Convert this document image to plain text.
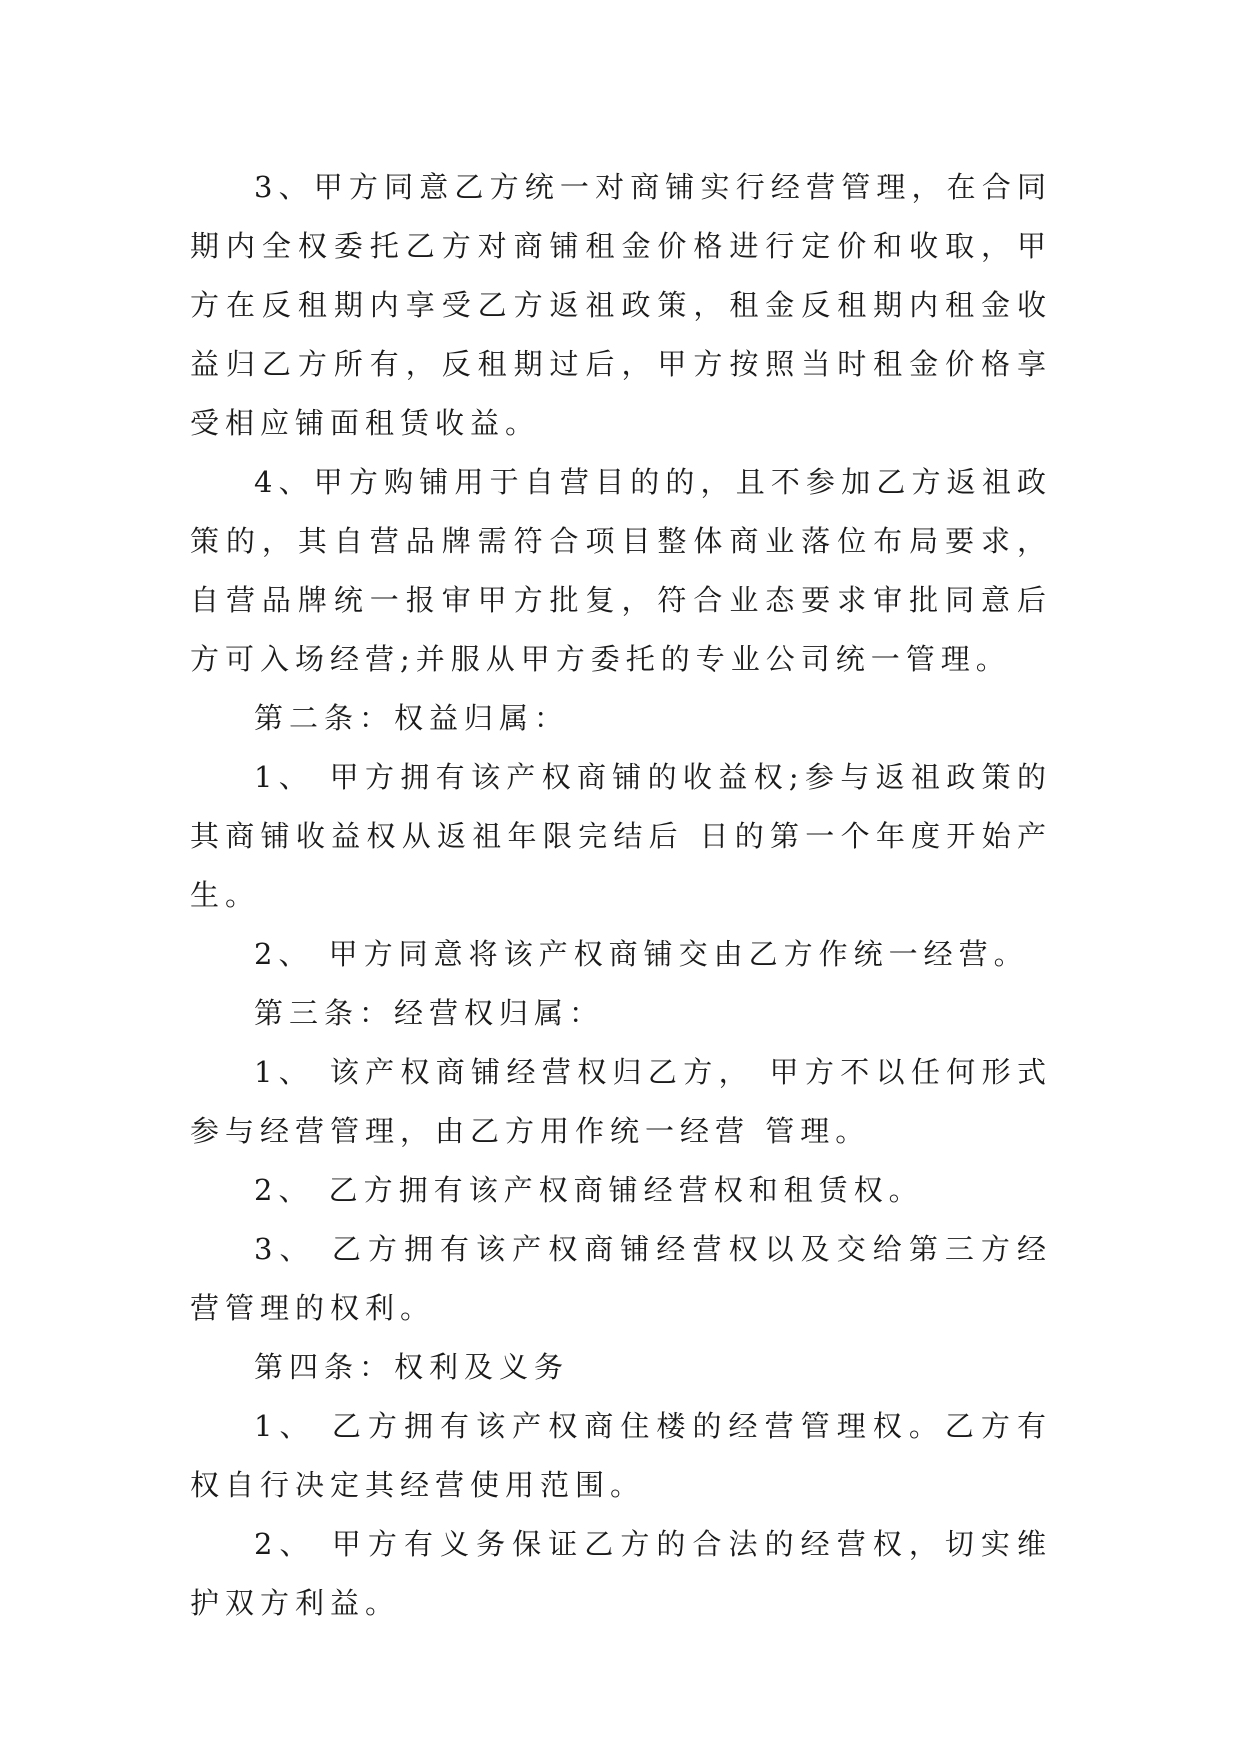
3、甲方同意乙方统一对商铺实行经营管理，在合同期内全权委托乙方对商铺租金价格进行定价和收取，甲方在反租期内享受乙方返祖政策，租金反租期内租金收益归乙方所有，反租期过后，甲方按照当时租金价格享受相应铺面租赁收益。

4、甲方购铺用于自营目的的，且不参加乙方返祖政策的，其自营品牌需符合项目整体商业落位布局要求，自营品牌统一报审甲方批复，符合业态要求审批同意后方可入场经营;并服从甲方委托的专业公司统一管理。

第二条：权益归属：

1、 甲方拥有该产权商铺的收益权;参与返祖政策的其商铺收益权从返祖年限完结后 日的第一个年度开始产生。

2、 甲方同意将该产权商铺交由乙方作统一经营。

第三条：经营权归属：

1、 该产权商铺经营权归乙方， 甲方不以任何形式参与经营管理，由乙方用作统一经营 管理。

2、 乙方拥有该产权商铺经营权和租赁权。

3、 乙方拥有该产权商铺经营权以及交给第三方经营管理的权利。

第四条：权利及义务

1、 乙方拥有该产权商住楼的经营管理权。乙方有权自行决定其经营使用范围。

2、 甲方有义务保证乙方的合法的经营权，切实维护双方利益。
